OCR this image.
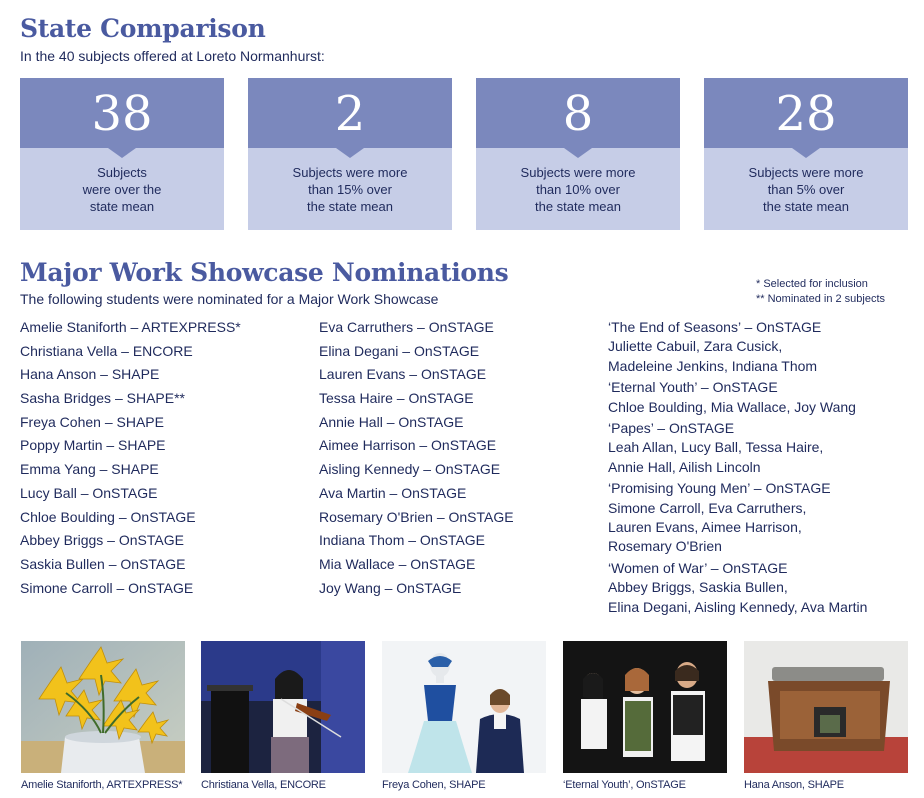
State Comparison
In the 40 subjects offered at Loreto Normanhurst:
38
Subjects
were over the
state mean
2
Subjects were more
than 15% over
the state mean
8
Subjects were more
than 10% over
the state mean
28
Subjects were more
than 5% over
the state mean
Major Work Showcase Nominations
The following students were nominated for a Major Work Showcase
* Selected for inclusion
** Nominated in 2 subjects
Amelie Staniforth – ARTEXPRESS*
Christiana Vella – ENCORE
Hana Anson – SHAPE
Sasha Bridges – SHAPE**
Freya Cohen – SHAPE
Poppy Martin – SHAPE
Emma Yang – SHAPE
Lucy Ball – OnSTAGE
Chloe Boulding – OnSTAGE
Abbey Briggs – OnSTAGE
Saskia Bullen – OnSTAGE
Simone Carroll – OnSTAGE
Eva Carruthers – OnSTAGE
Elina Degani – OnSTAGE
Lauren Evans – OnSTAGE
Tessa Haire – OnSTAGE
Annie Hall – OnSTAGE
Aimee Harrison – OnSTAGE
Aisling Kennedy – OnSTAGE
Ava Martin – OnSTAGE
Rosemary O'Brien – OnSTAGE
Indiana Thom – OnSTAGE
Mia Wallace – OnSTAGE
Joy Wang – OnSTAGE
‘The End of Seasons’ – OnSTAGE
Juliette Cabuil, Zara Cusick,
Madeleine Jenkins, Indiana Thom
‘Eternal Youth’ – OnSTAGE
Chloe Boulding, Mia Wallace, Joy Wang
‘Papes’ – OnSTAGE
Leah Allan, Lucy Ball, Tessa Haire,
Annie Hall, Ailish Lincoln
‘Promising Young Men’ – OnSTAGE
Simone Carroll, Eva Carruthers,
Lauren Evans, Aimee Harrison,
Rosemary O'Brien
‘Women of War’ – OnSTAGE
Abbey Briggs, Saskia Bullen,
Elina Degani, Aisling Kennedy, Ava Martin
Amelie Staniforth, ARTEXPRESS* Christiana Vella, ENCORE	Freya Cohen, SHAPE	‘Eternal Youth’, OnSTAGE	Hana Anson, SHAPE
